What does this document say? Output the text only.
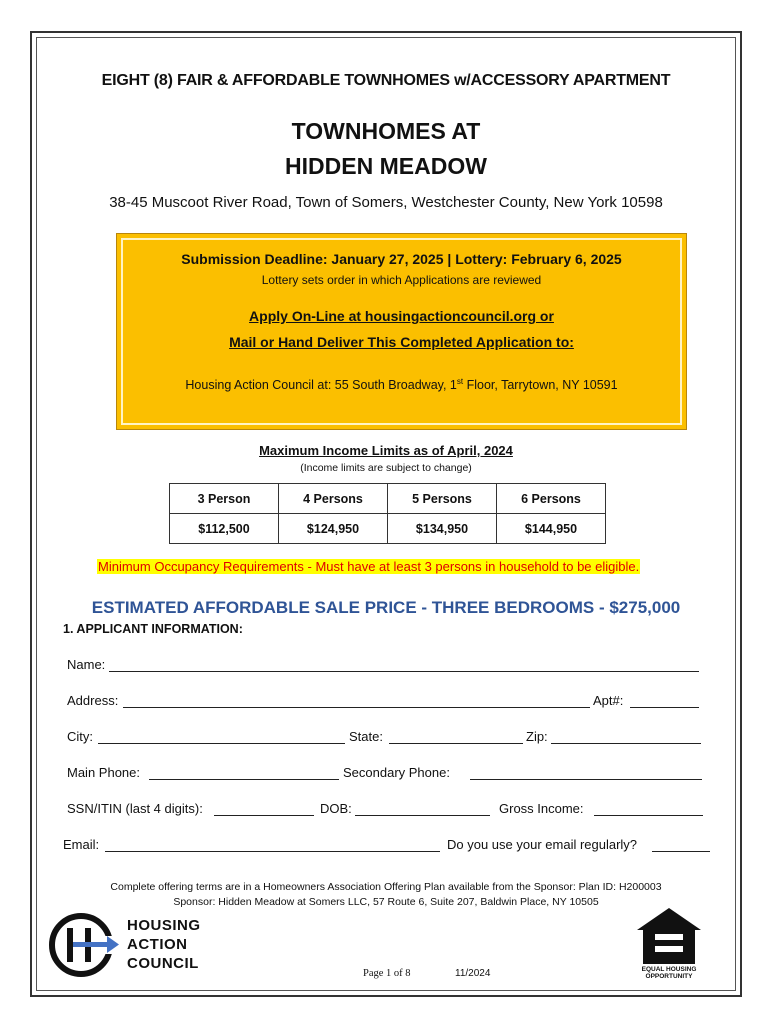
EIGHT (8) FAIR & AFFORDABLE TOWNHOMES w/ACCESSORY APARTMENT
TOWNHOMES AT
HIDDEN MEADOW
38-45 Muscoot River Road, Town of Somers, Westchester County, New York 10598
Submission Deadline: January 27, 2025 | Lottery: February 6, 2025
Lottery sets order in which Applications are reviewed
Apply On-Line at housingactioncouncil.org or
Mail or Hand Deliver This Completed Application to:
Housing Action Council at: 55 South Broadway, 1st Floor, Tarrytown, NY 10591
Maximum Income Limits as of April, 2024
(Income limits are subject to change)
3 Person	4 Persons	5 Persons	6 Persons
$112,500	$124,950	$134,950	$144,950
Minimum Occupancy Requirements - Must have at least 3 persons in household to be eligible.
ESTIMATED AFFORDABLE SALE PRICE - THREE BEDROOMS - $275,000
1. APPLICANT INFORMATION:
Name:
Address:	Apt#:
City:	State:	Zip:
Main Phone:	Secondary Phone:
SSN/ITIN (last 4 digits):	DOB:	Gross Income:
Email:	Do you use your email regularly?
Complete offering terms are in a Homeowners Association Offering Plan available from the Sponsor: Plan ID: H200003
Sponsor: Hidden Meadow at Somers LLC, 57 Route 6, Suite 207, Baldwin Place, NY 10505
HOUSING
ACTION
COUNCIL
Page 1 of 8	11/2024	EQUAL HOUSING
OPPORTUNITY
